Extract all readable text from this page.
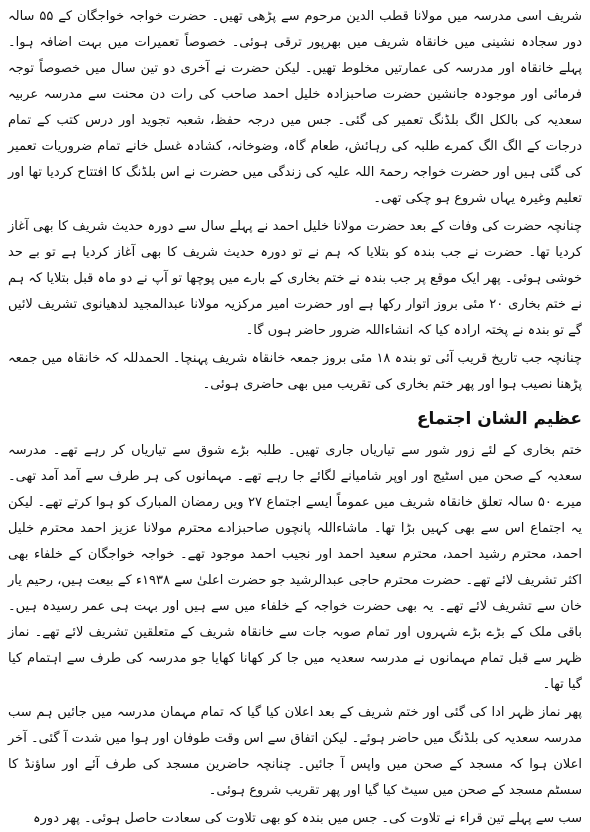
شریف اسی مدرسہ میں مولانا قطب الدین مرحوم سے پڑھی تھیں۔ حضرت خواجہ خواجگان کے ۵۵ سالہ دور سجادہ نشینی میں خانقاہ شریف میں بھرپور ترقی ہوئی۔ خصوصاً تعمیرات میں بہت اضافہ ہوا۔ پہلے خانقاہ اور مدرسہ کی عمارتیں مخلوط تھیں۔ لیکن حضرت نے آخری دو تین سال میں خصوصاً توجہ فرمائی اور موجودہ جانشین حضرت صاحبزادہ خلیل احمد صاحب کی رات دن محنت سے مدرسہ عربیہ سعدیہ کی بالکل الگ بلڈنگ تعمیر کی گئی۔ جس میں درجہ حفظ، شعبہ تجوید اور درس کتب کے تمام درجات کے الگ الگ کمرے طلبہ کی رہائش، طعام گاہ، وضوخانہ، کشادہ غسل خانے تمام ضروریات تعمیر کی گئی ہیں اور حضرت خواجہ رحمۃ اللہ علیہ کی زندگی میں حضرت نے اس بلڈنگ کا افتتاح کردیا تھا اور تعلیم وغیرہ یہاں شروع ہو چکی تھی۔

چنانچہ حضرت کی وفات کے بعد حضرت مولانا خلیل احمد نے پہلے سال سے دورہ حدیث شریف کا بھی آغاز کردیا تھا۔ حضرت نے جب بندہ کو بتلایا کہ ہم نے تو دورہ حدیث شریف کا بھی آغاز کردیا ہے تو بے حد خوشی ہوئی۔ پھر ایک موقع پر جب بندہ نے ختم بخاری کے بارے میں پوچھا تو آپ نے دو ماہ قبل بتلایا کہ ہم نے ختم بخاری ۲۰ مئی بروز اتوار رکھا ہے اور حضرت امیر مرکزیہ مولانا عبدالمجید لدھیانوی تشریف لائیں گے تو بندہ نے پختہ ارادہ کیا کہ انشاءاللہ ضرور حاضر ہوں گا۔

چنانچہ جب تاریخ قریب آئی تو بندہ ۱۸ مئی بروز جمعہ خانقاہ شریف پہنچا۔ الحمدللہ کہ خانقاہ میں جمعہ پڑھنا نصیب ہوا اور پھر ختم بخاری کی تقریب میں بھی حاضری ہوئی۔

عظیم الشان اجتماع

ختم بخاری کے لئے زور شور سے تیاریاں جاری تھیں۔ طلبہ بڑے شوق سے تیاریاں کر رہے تھے۔ مدرسہ سعدیہ کے صحن میں اسٹیج اور اوپر شامیانے لگائے جا رہے تھے۔ مہمانوں کی ہر طرف سے آمد آمد تھی۔ میرے ۵۰ سالہ تعلق خانقاہ شریف میں عموماً ایسے اجتماع ۲۷ ویں رمضان المبارک کو ہوا کرتے تھے۔ لیکن یہ اجتماع اس سے بھی کہیں بڑا تھا۔ ماشاءاللہ پانچوں صاحبزادے محترم مولانا عزیز احمد محترم خلیل احمد، محترم رشید احمد، محترم سعید احمد اور نجیب احمد موجود تھے۔ خواجہ خواجگان کے خلفاء بھی اکثر تشریف لائے تھے۔ حضرت محترم حاجی عبدالرشید جو حضرت اعلیٰ سے ۱۹۳۸ء کے بیعت ہیں، رحیم یار خان سے تشریف لائے تھے۔ یہ بھی حضرت خواجہ کے خلفاء میں سے ہیں اور بہت ہی عمر رسیدہ ہیں۔ باقی ملک کے بڑے بڑے شہروں اور تمام صوبہ جات سے خانقاہ شریف کے متعلقین تشریف لائے تھے۔ نماز ظہر سے قبل تمام مہمانوں نے مدرسہ سعدیہ میں جا کر کھانا کھایا جو مدرسہ کی طرف سے اہتمام کیا گیا تھا۔

پھر نماز ظہر ادا کی گئی اور ختم شریف کے بعد اعلان کیا گیا کہ تمام مہمان مدرسہ میں جائیں ہم سب مدرسہ سعدیہ کی بلڈنگ میں حاضر ہوئے۔ لیکن اتفاق سے اس وقت طوفان اور ہوا میں شدت آ گئی۔ آخر اعلان ہوا کہ مسجد کے صحن میں واپس آ جائیں۔ چنانچہ حاضرین مسجد کی طرف آئے اور ساؤنڈ کا سسٹم مسجد کے صحن میں سیٹ کیا گیا اور پھر تقریب شروع ہوئی۔

سب سے پہلے تین قراء نے تلاوت کی۔ جس میں بندہ کو بھی تلاوت کی سعادت حاصل ہوئی۔ پھر دورہ
